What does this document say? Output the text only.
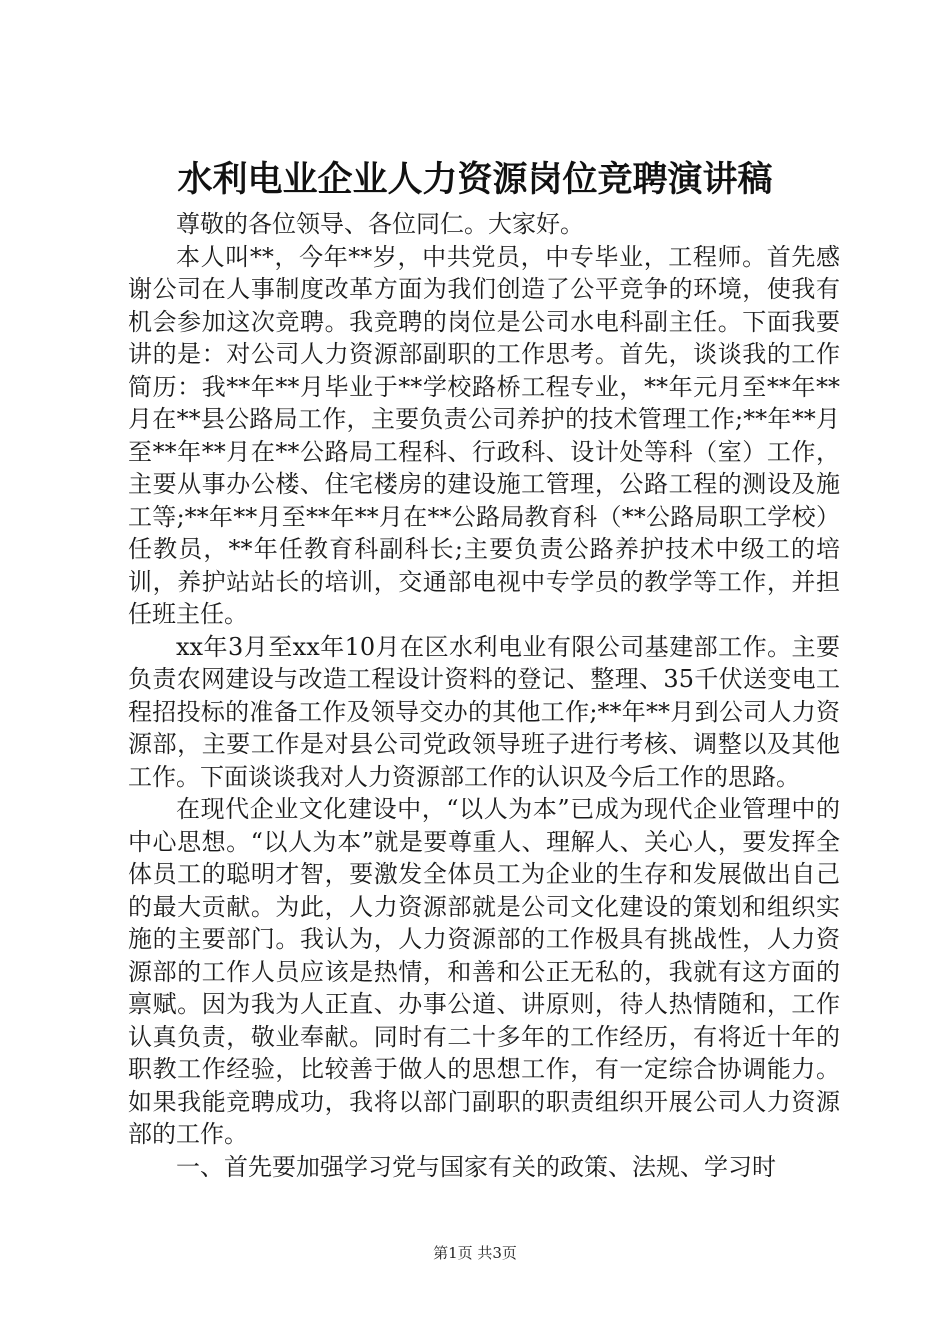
水利电业企业人力资源岗位竞聘演讲稿

尊敬的各位领导、各位同仁。大家好。

本人叫**，今年**岁，中共党员，中专毕业，工程师。首先感谢公司在人事制度改革方面为我们创造了公平竞争的环境，使我有机会参加这次竞聘。我竞聘的岗位是公司水电科副主任。下面我要讲的是：对公司人力资源部副职的工作思考。首先，谈谈我的工作简历：我**年**月毕业于**学校路桥工程专业，**年元月至**年**月在**县公路局工作，主要负责公司养护的技术管理工作;**年**月至**年**月在**公路局工程科、行政科、设计处等科（室）工作，主要从事办公楼、住宅楼房的建设施工管理，公路工程的测设及施工等;**年**月至**年**月在**公路局教育科（**公路局职工学校）任教员，**年任教育科副科长;主要负责公路养护技术中级工的培训，养护站站长的培训，交通部电视中专学员的教学等工作，并担任班主任。

xx年3月至xx年10月在区水利电业有限公司基建部工作。主要负责农网建设与改造工程设计资料的登记、整理、35千伏送变电工程招投标的准备工作及领导交办的其他工作;**年**月到公司人力资源部，主要工作是对县公司党政领导班子进行考核、调整以及其他工作。下面谈谈我对人力资源部工作的认识及今后工作的思路。

在现代企业文化建设中，“以人为本”已成为现代企业管理中的中心思想。“以人为本”就是要尊重人、理解人、关心人，要发挥全体员工的聪明才智，要激发全体员工为企业的生存和发展做出自己的最大贡献。为此，人力资源部就是公司文化建设的策划和组织实施的主要部门。我认为，人力资源部的工作极具有挑战性，人力资源部的工作人员应该是热情，和善和公正无私的，我就有这方面的禀赋。因为我为人正直、办事公道、讲原则，待人热情随和，工作认真负责，敬业奉献。同时有二十多年的工作经历，有将近十年的职教工作经验，比较善于做人的思想工作，有一定综合协调能力。如果我能竞聘成功，我将以部门副职的职责组织开展公司人力资源部的工作。

一、首先要加强学习党与国家有关的政策、法规、学习时

第1页 共3页
